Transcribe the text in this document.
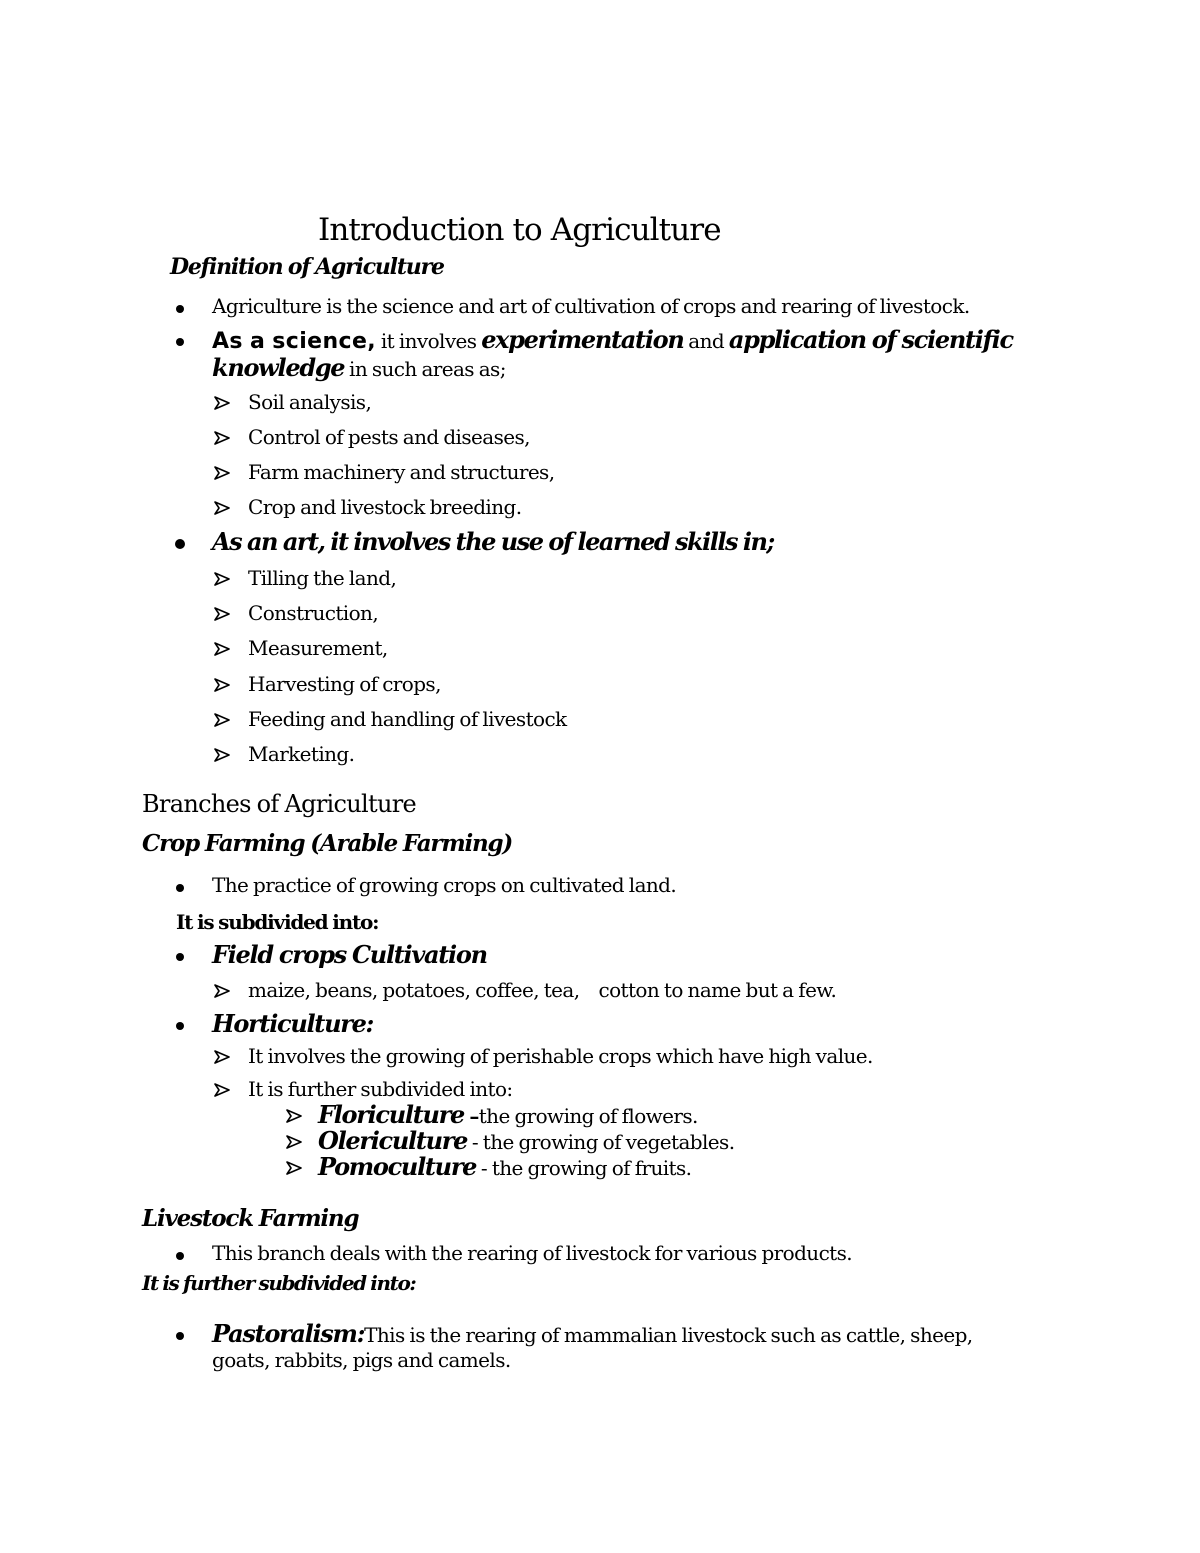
Introduction to Agriculture
Definition of Agriculture
Agriculture is the science and art of cultivation of crops and rearing of livestock.
As a science, it involves experimentation and application of scientific
knowledge in such areas as;
Soil analysis,
Control of pests and diseases,
Farm machinery and structures,
Crop and livestock breeding.
As an art, it involves the use of learned skills in;
Tilling the land,
Construction,
Measurement,
Harvesting of crops,
Feeding and handling of livestock
Marketing.
Branches of Agriculture
Crop Farming (Arable Farming)
The practice of growing crops on cultivated land.
It is subdivided into:
Field crops Cultivation
maize, beans, potatoes, coffee, tea,    cotton to name but a few.
Horticulture:
It involves the growing of perishable crops which have high value.
It is further subdivided into:
Floriculture –the growing of flowers.
Olericulture - the growing of vegetables.
Pomoculture - the growing of fruits.
Livestock Farming
This branch deals with the rearing of livestock for various products.
It is further subdivided into:
Pastoralism:This is the rearing of mammalian livestock such as cattle, sheep,
goats, rabbits, pigs and camels.
